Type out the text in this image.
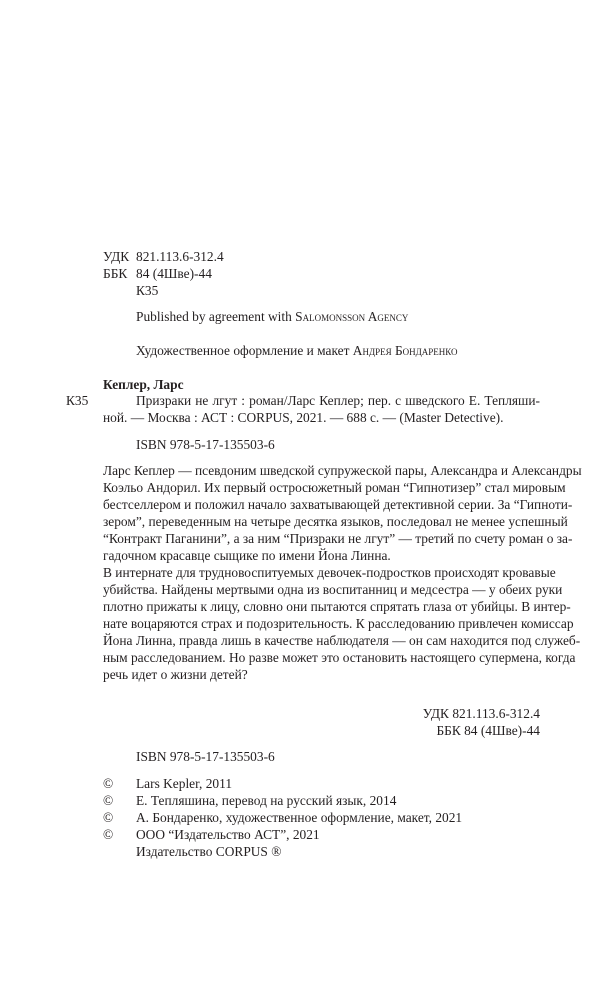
УДК 821.113.6-312.4
ББК 84 (4Шве)-44
К35
Published by agreement with Salomonsson Agency
Художественное оформление и макет Андрея Бондаренко
Кеплер, Ларс
К35	Призраки не лгут : роман/Ларс Кеплер; пер. с шведского Е. Тепляши-
ной. — Москва : АСТ : CORPUS, 2021. — 688 с. — (Master Detective).
ISBN 978-5-17-135503-6
Ларс Кеплер — псевдоним шведской супружеской пары, Александра и Александры
Коэльо Андорил. Их первый остросюжетный роман “Гипнотизер” стал мировым
бестселлером и положил начало захватывающей детективной серии. За “Гипноти-
зером”, переведенным на четыре десятка языков, последовал не менее успешный
“Контракт Паганини”, а за ним “Призраки не лгут” — третий по счету роман о за-
гадочном красавце сыщике по имени Йона Линна.
В интернате для трудновоспитуемых девочек-подростков происходят кровавые
убийства. Найдены мертвыми одна из воспитанниц и медсестра — у обеих руки
плотно прижаты к лицу, словно они пытаются спрятать глаза от убийцы. В интер-
нате воцаряются страх и подозрительность. К расследованию привлечен комиссар
Йона Линна, правда лишь в качестве наблюдателя — он сам находится под служеб-
ным расследованием. Но разве может это остановить настоящего супермена, когда
речь идет о жизни детей?
УДК 821.113.6-312.4
ББК 84 (4Шве)-44
ISBN 978-5-17-135503-6
© Lars Kepler, 2011
© Е. Тепляшина, перевод на русский язык, 2014
© А. Бондаренко, художественное оформление, макет, 2021
© ООО “Издательство АСТ”, 2021
Издательство CORPUS ®
